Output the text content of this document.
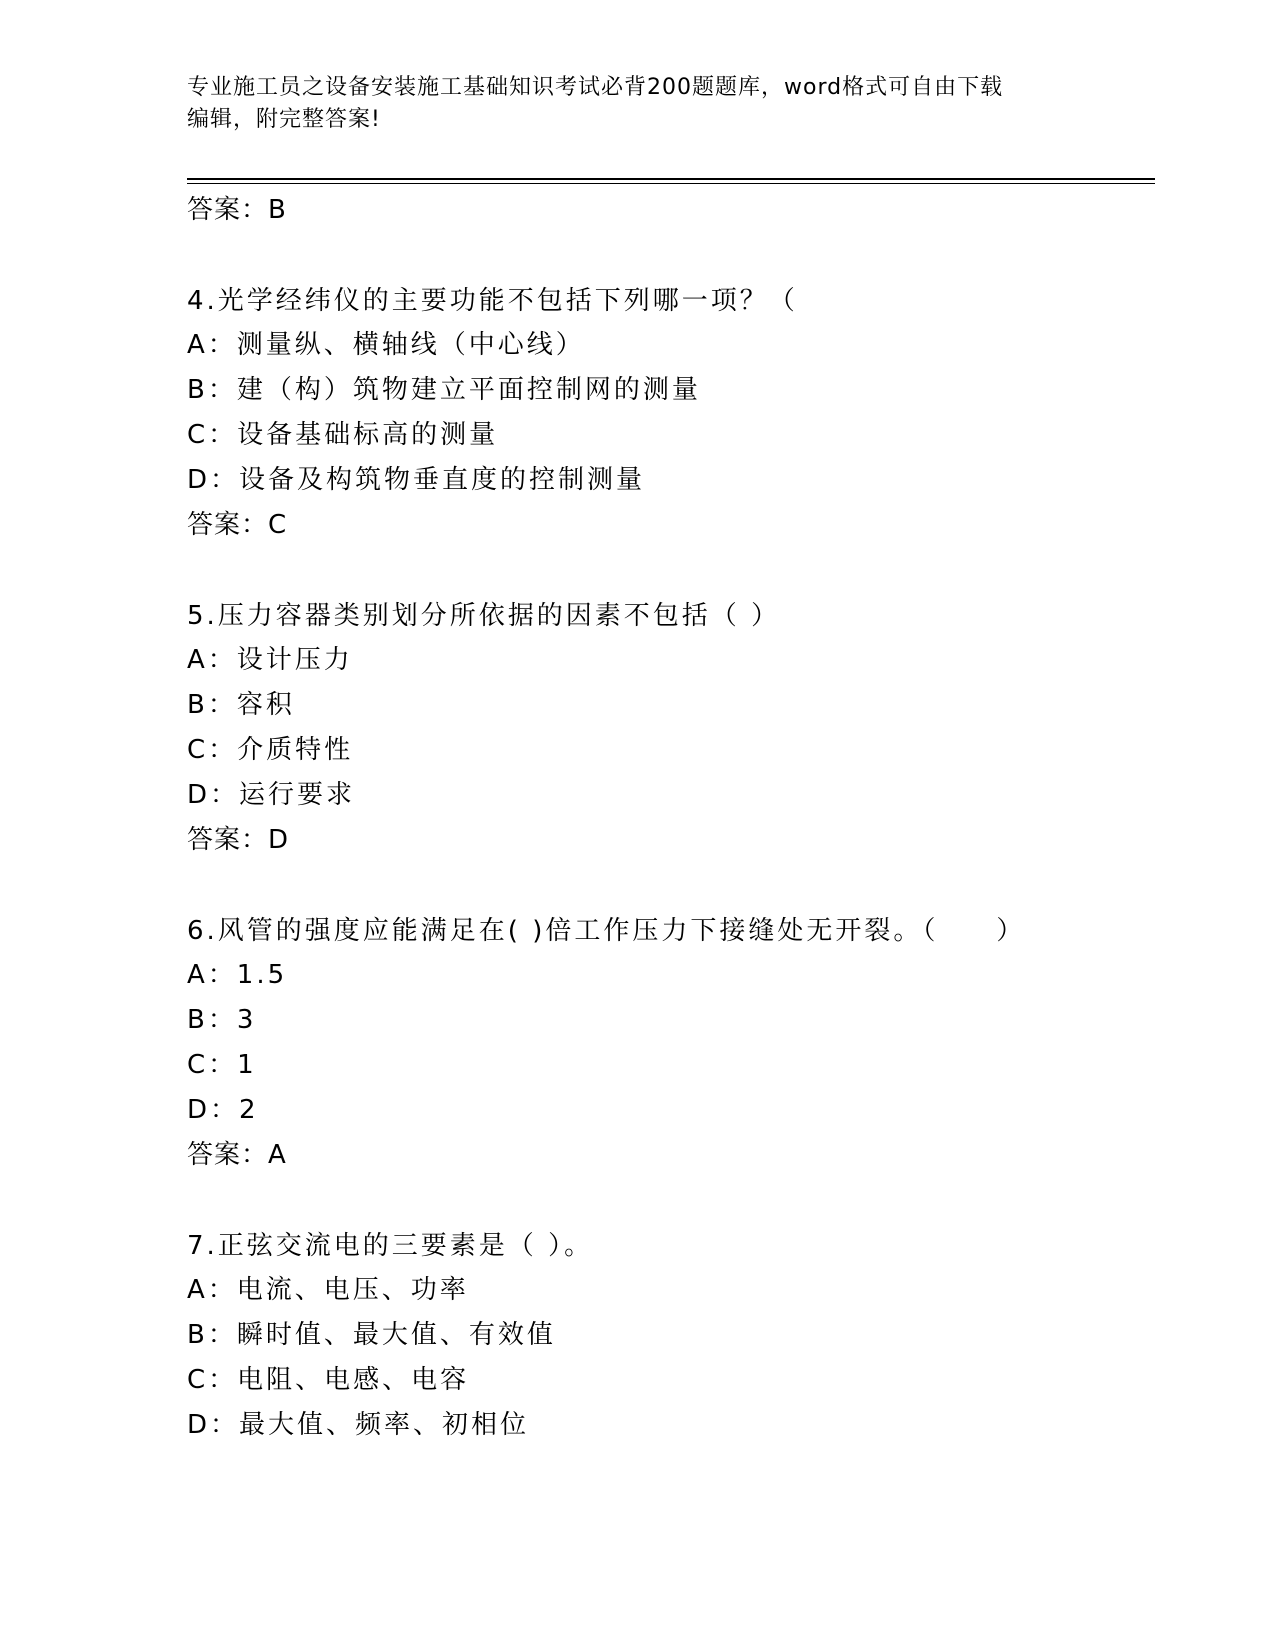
专业施工员之设备安装施工基础知识考试必背200题题库，word格式可自由下载
编辑，附完整答案!
答案：B
4.光学经纬仪的主要功能不包括下列哪一项？（
A：测量纵、横轴线（中心线）
B：建（构）筑物建立平面控制网的测量
C：设备基础标高的测量
D：设备及构筑物垂直度的控制测量
答案：C
5.压力容器类别划分所依据的因素不包括（ ）
A：设计压力
B：容积
C：介质特性
D：运行要求
答案：D
6.风管的强度应能满足在( )倍工作压力下接缝处无开裂。（　　）
A：1.5
B：3
C：1
D：2
答案：A
7.正弦交流电的三要素是（ ）。
A：电流、电压、功率
B：瞬时值、最大值、有效值
C：电阻、电感、电容
D：最大值、频率、初相位
